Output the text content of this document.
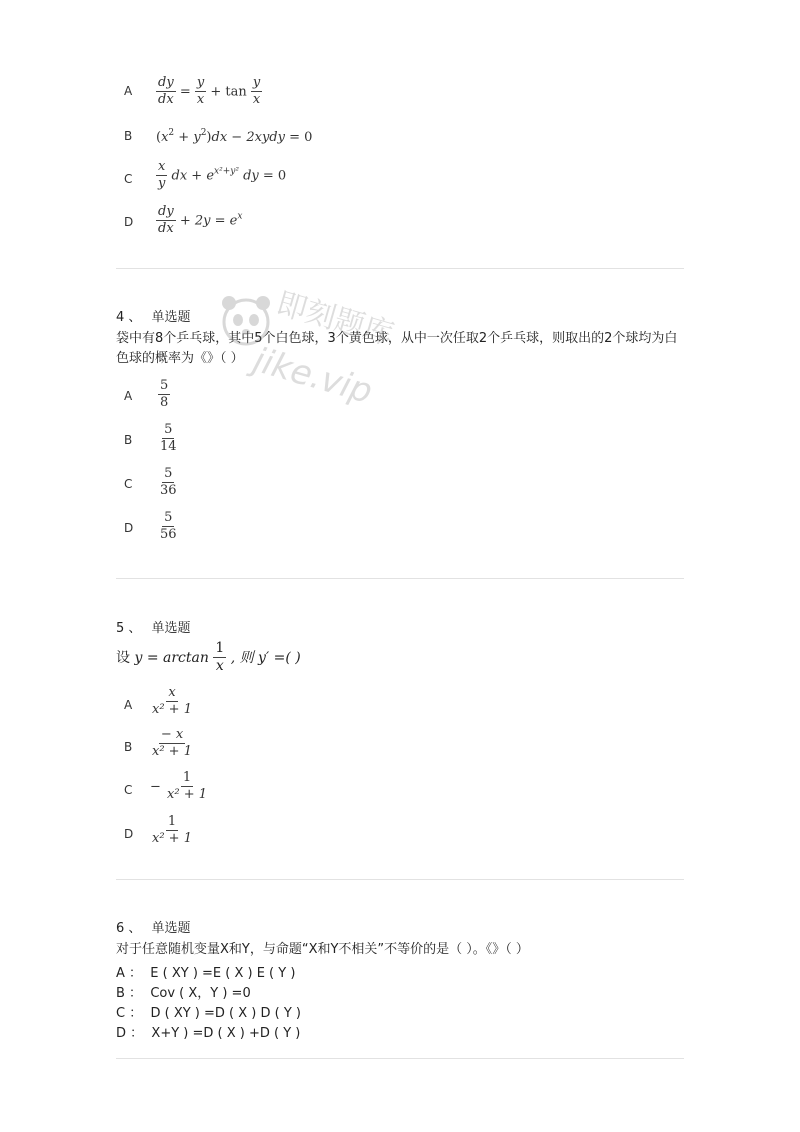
A $\frac{dy}{dx} = \frac{y}{x} + \tan \frac{y}{x}$
B $(x^2 + y^2)dx$ − 2xydy = 0
C $\frac{x}{y}$ dx + $e^{x^2+y^2}$ dy = 0
D $\frac{dy}{dx} + 2y = e^x$
4 、 单选题
袋中有8个乒乓球，其中5个白色球，3个黄色球，从中一次任取2个乒乓球，则取出的2个球均为白色球的概率为《》（ ）
A $\frac{5}{8}$
B $\frac{5}{14}$
C $\frac{5}{36}$
D $\frac{5}{56}$
5 、 单选题
设 $y = \arctan \frac{1}{x}$ , 则 y′ =( )
A $\frac{x}{\text{x² + 1}}$
B $\frac{- x}{\text{x² + 1}}$
$C - \frac{1}{\text{x² + 1}}$
D $\frac{1}{\text{x² + 1}}$
6 、 单选题
对于任意随机变量X和Y，与命题“X和Y不相关”不等价的是（ ）。《》（ ）
A ：  E ( XY ) =E ( X ) E ( Y )
B ：  Cov ( X，Y ) =0
C ：  D ( XY ) =D ( X ) D ( Y )
D ：  X+Y ) =D ( X ) +D ( Y )
即刻题库
jike.vip
